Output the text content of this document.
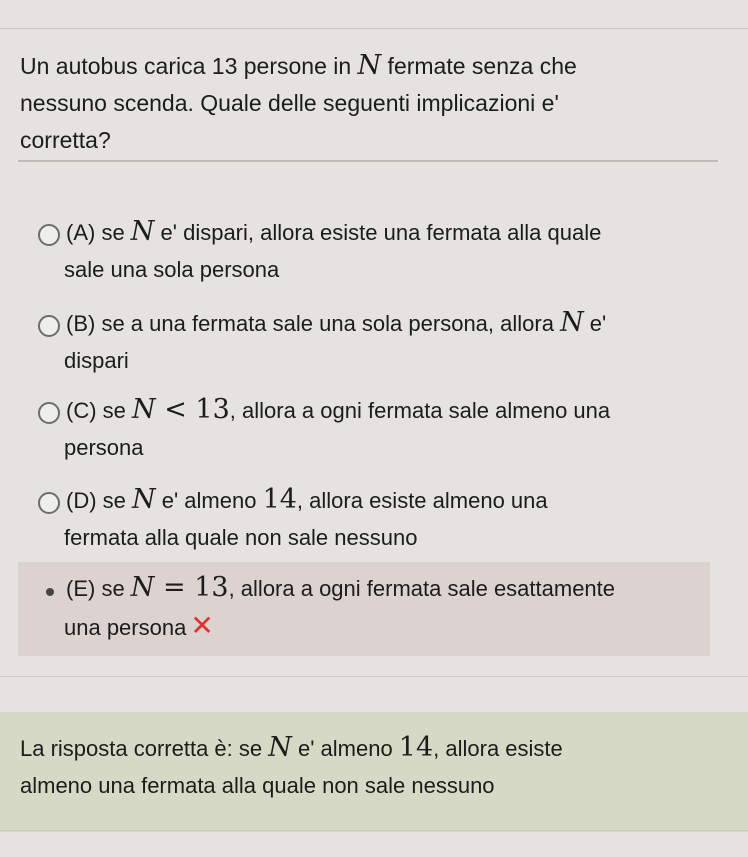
Un autobus carica 13 persone in N fermate senza che
nessuno scenda. Quale delle seguenti implicazioni e'
corretta?
(A) se N e' dispari, allora esiste una fermata alla quale
sale una sola persona
(B) se a una fermata sale una sola persona, allora N e'
dispari
(C) se N < 13, allora a ogni fermata sale almeno una
persona
(D) se N e' almeno 14, allora esiste almeno una
fermata alla quale non sale nessuno
(E) se N = 13, allora a ogni fermata sale esattamente
una persona ✕
La risposta corretta è: se N e' almeno 14, allora esiste
almeno una fermata alla quale non sale nessuno
